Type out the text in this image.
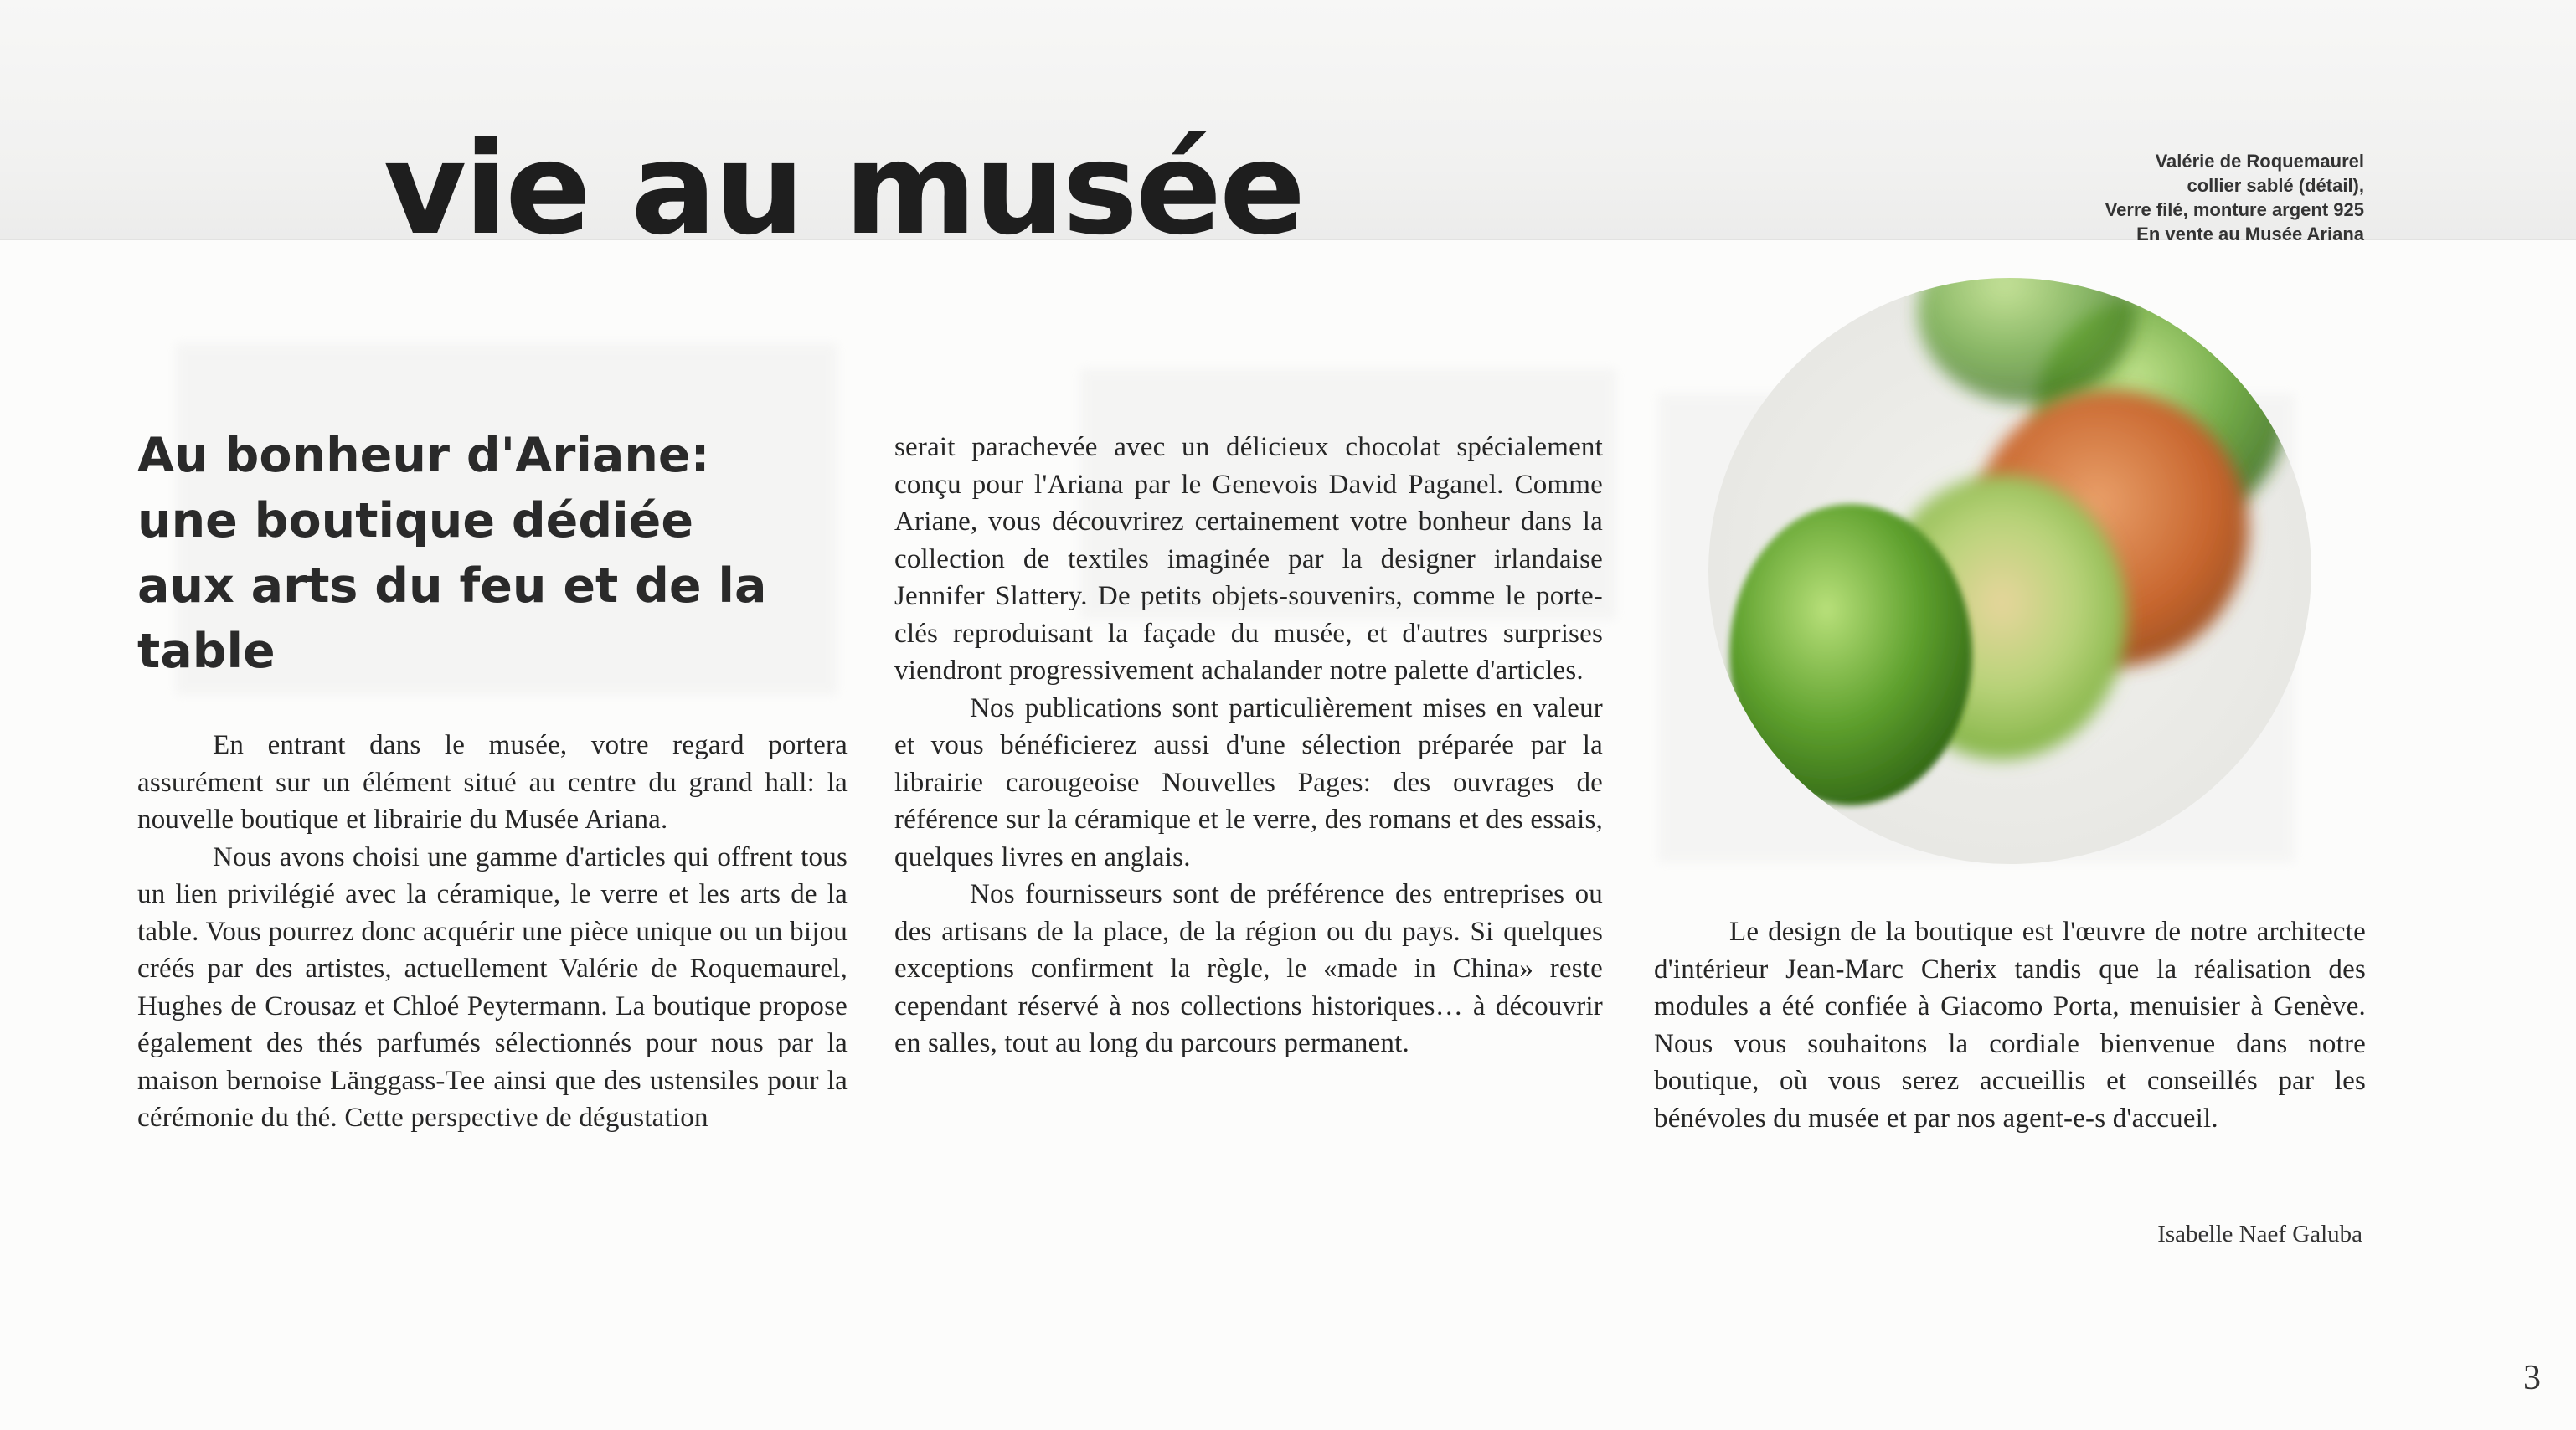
vie au musée	Valérie de Roquemaurel
collier sablé (détail),
Verre filé, monture argent 925
En vente au Musée Ariana
Au bonheur d'Ariane: une boutique dédiée aux arts du feu et de la table

En entrant dans le musée, votre regard portera assurément sur un élément situé au centre du grand hall: la nouvelle boutique et librairie du Musée Ariana.

Nous avons choisi une gamme d'articles qui offrent tous un lien privilégié avec la céramique, le verre et les arts de la table. Vous pourrez donc acquérir une pièce unique ou un bijou créés par des artistes, actuellement Valérie de Roquemaurel, Hughes de Crousaz et Chloé Peytermann. La boutique propose également des thés parfumés sélectionnés pour nous par la maison bernoise Länggass-Tee ainsi que des ustensiles pour la cérémonie du thé. Cette perspective de dégustation

serait parachevée avec un délicieux chocolat spécialement conçu pour l'Ariana par le Genevois David Paganel. Comme Ariane, vous découvrirez certainement votre bonheur dans la collection de textiles imaginée par la designer irlandaise Jennifer Slattery. De petits objets-souvenirs, comme le porte-clés reproduisant la façade du musée, et d'autres surprises viendront progressivement achalander notre palette d'articles.

Nos publications sont particulièrement mises en valeur et vous bénéficierez aussi d'une sélection préparée par la librairie carougeoise Nouvelles Pages: des ouvrages de référence sur la céramique et le verre, des romans et des essais, quelques livres en anglais.

Nos fournisseurs sont de préférence des entreprises ou des artisans de la place, de la région ou du pays. Si quelques exceptions confirment la règle, le «made in China» reste cependant réservé à nos collections historiques… à découvrir en salles, tout au long du parcours permanent.

Le design de la boutique est l'œuvre de notre architecte d'intérieur Jean-Marc Cherix tandis que la réalisation des modules a été confiée à Giacomo Porta, menuisier à Genève. Nous vous souhaitons la cordiale bienvenue dans notre boutique, où vous serez accueillis et conseillés par les bénévoles du musée et par nos agent-e-s d'accueil.

Isabelle Naef Galuba
3
